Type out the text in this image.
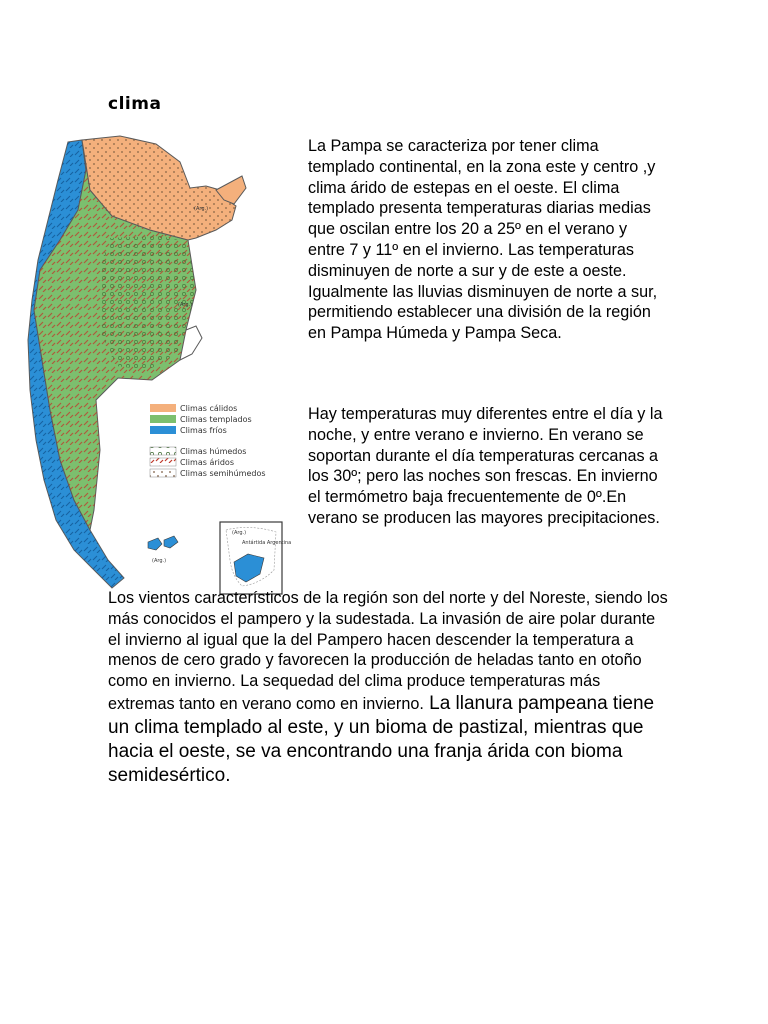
clima
(Arg.)
(Arg.)
Climas cálidos
Climas templados
Climas fríos
Climas húmedos
Climas áridos
Climas semihúmedos
(Arg.)
(Arg.)
Antártida Argentina

La Pampa se caracteriza por tener clima templado continental, en la zona este y centro ,y clima árido de estepas en el oeste. El clima templado presenta temperaturas diarias medias que oscilan entre los 20 a 25º en el verano y entre 7 y 11º en el invierno. Las temperaturas disminuyen de norte a sur y de este a oeste. Igualmente las lluvias disminuyen de norte a sur, permitiendo establecer una división de la región en Pampa Húmeda y Pampa Seca.

Hay temperaturas muy diferentes entre el día y la noche, y entre verano e invierno. En verano se soportan durante el día temperaturas cercanas a los 30º; pero las noches son frescas. En invierno el termómetro baja frecuentemente de 0º.En verano se producen las mayores precipitaciones.

Los vientos característicos de la región son del norte y del Noreste, siendo los más conocidos el pampero y la sudestada. La invasión de aire polar durante el invierno al igual que la del Pampero hacen descender la temperatura a menos de cero grado y favorecen la producción de heladas tanto en otoño como en invierno. La sequedad del clima produce temperaturas más extremas tanto en verano como en invierno. La llanura pampeana tiene un clima templado al este, y un bioma de pastizal, mientras que hacia el oeste, se va encontrando una franja árida con bioma semidesértico.
